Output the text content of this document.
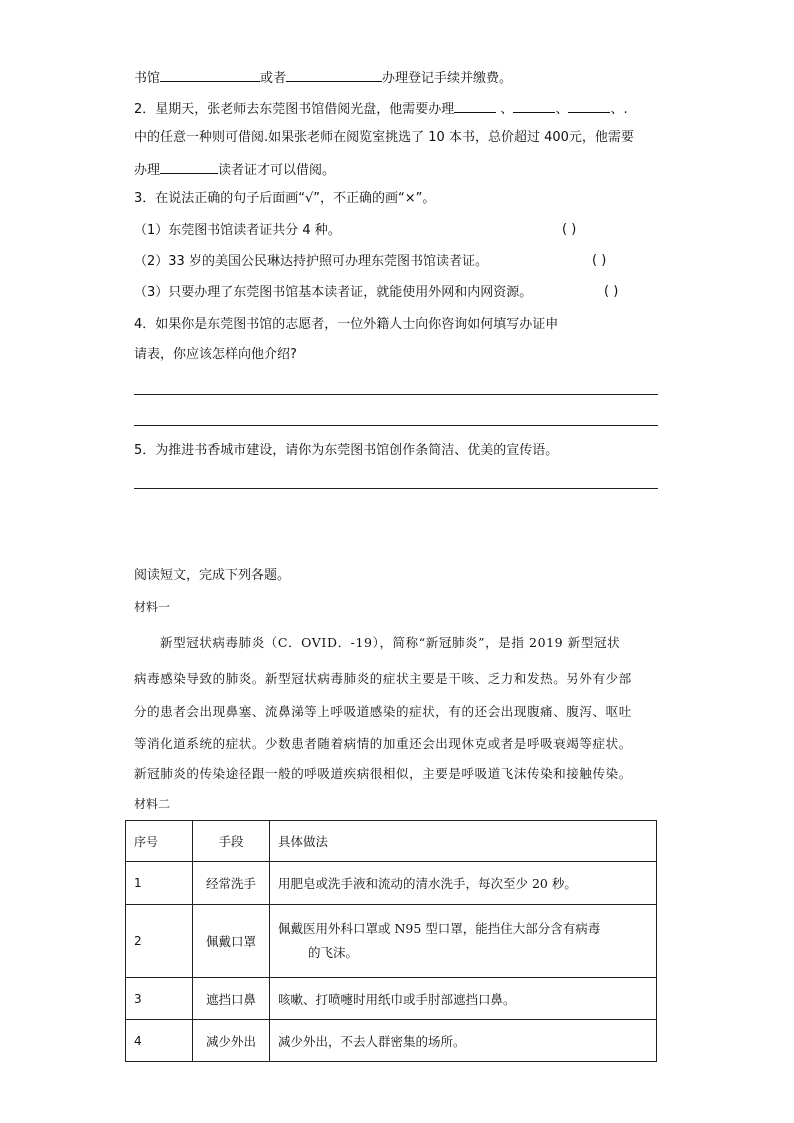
书馆	或者	办理登记手续并缴费。
2．星期天，张老师去东莞图书馆借阅光盘，他需要办理	、	、	、.
中的任意一种则可借阅.如果张老师在阅览室挑选了 10 本书，总价超过 400元，他需要
办理	读者证才可以借阅。
3．在说法正确的句子后面画“√”，不正确的画“×”。
（1）东莞图书馆读者证共分 4 种。	( )
（2）33 岁的美国公民琳达持护照可办理东莞图书馆读者证。	( )
（3）只要办理了东莞图书馆基本读者证，就能使用外网和内网资源。	( )
4．如果你是东莞图书馆的志愿者，一位外籍人士向你咨询如何填写办证申
请表，你应该怎样向他介绍?
5．为推进书香城市建设，请你为东莞图书馆创作条简洁、优美的宣传语。
阅读短文，完成下列各题。
材料一
新型冠状病毒肺炎（C．OVID．-19），简称“新冠肺炎”，是指 2019 新型冠状
病毒感染导致的肺炎。新型冠状病毒肺炎的症状主要是干咳、乏力和发热。另外有少部
分的患者会出现鼻塞、流鼻涕等上呼吸道感染的症状，有的还会出现腹痛、腹泻、呕吐
等消化道系统的症状。少数患者随着病情的加重还会出现休克或者是呼吸衰竭等症状。
新冠肺炎的传染途径跟一般的呼吸道疾病很相似，主要是呼吸道飞沫传染和接触传染。
材料二
序号	手段	具体做法
1	经常洗手	用肥皂或洗手液和流动的清水洗手，每次至少 20 秒。
2	佩戴口罩	佩戴医用外科口罩或 N95 型口罩，能挡住大部分含有病毒
的飞沫。
3	遮挡口鼻	咳嗽、打喷嚏时用纸巾或手肘部遮挡口鼻。
4	减少外出	减少外出，不去人群密集的场所。
